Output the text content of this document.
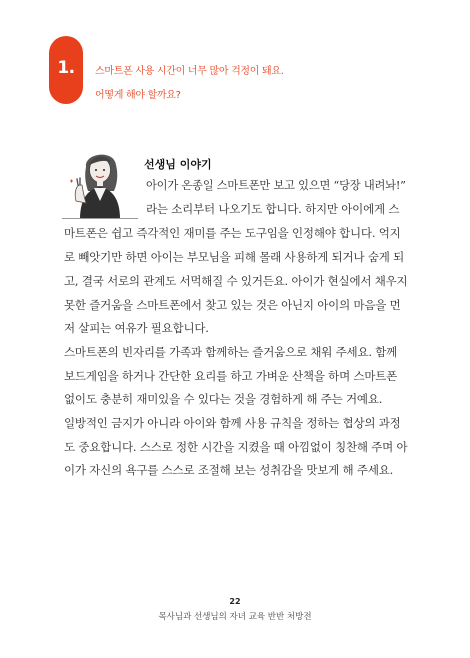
1.	스마트폰 사용 시간이 너무 많아 걱정이 돼요.
어떻게 해야 할까요?
선생님 이야기
아이가 온종일 스마트폰만 보고 있으면 “당장 내려놔!”
라는 소리부터 나오기도 합니다. 하지만 아이에게 스
마트폰은 쉽고 즉각적인 재미를 주는 도구임을 인정해야 합니다. 억지
로 빼앗기만 하면 아이는 부모님을 피해 몰래 사용하게 되거나 숨게 되
고, 결국 서로의 관계도 서먹해질 수 있거든요. 아이가 현실에서 채우지
못한 즐거움을 스마트폰에서 찾고 있는 것은 아닌지 아이의 마음을 먼
저 살피는 여유가 필요합니다.
스마트폰의 빈자리를 가족과 함께하는 즐거움으로 채워 주세요. 함께
보드게임을 하거나 간단한 요리를 하고 가벼운 산책을 하며 스마트폰
없이도 충분히 재미있을 수 있다는 것을 경험하게 해 주는 거예요.
일방적인 금지가 아니라 아이와 함께 사용 규칙을 정하는 협상의 과정
도 중요합니다. 스스로 정한 시간을 지켰을 때 아낌없이 칭찬해 주며 아
이가 자신의 욕구를 스스로 조절해 보는 성취감을 맛보게 해 주세요.
22
목사님과 선생님의 자녀 교육 반반 처방전
